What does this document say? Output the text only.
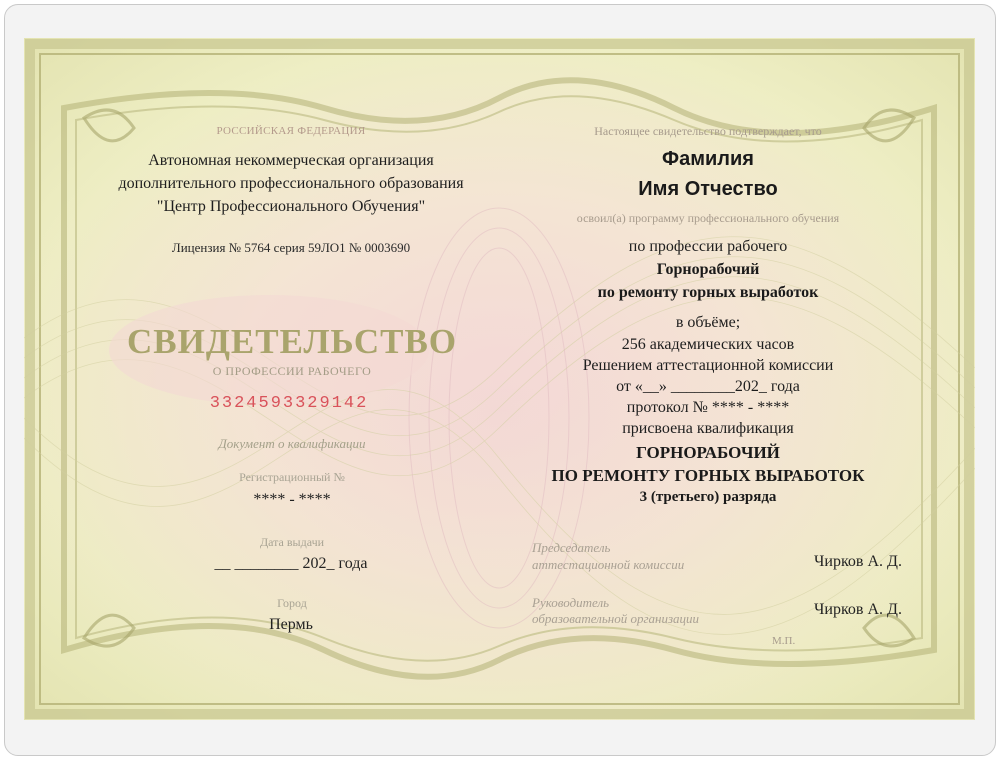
РОССИЙСКАЯ ФЕДЕРАЦИЯ
Автономная некоммерческая организация
дополнительного профессионального образования
"Центр Профессионального Обучения"
Лицензия № 5764 серия 59ЛО1 № 0003690
СВИДЕТЕЛЬСТВО
О ПРОФЕССИИ РАБОЧЕГО
3324593329142
Документ о квалификации
Регистрационный №
**** - ****
Дата выдачи
__ ________ 202_ года
Город
Пермь
Настоящее свидетельство подтверждает, что
Фамилия
Имя Отчество
освоил(а) программу профессионального обучения
по профессии рабочего
Горнорабочий
по ремонту горных выработок
в объёме;
256 академических часов
Решением аттестационной комиссии
от «__» ________202_ года
протокол № **** - ****
присвоена квалификация
ГОРНОРАБОЧИЙ
ПО РЕМОНТУ ГОРНЫХ ВЫРАБОТОК
3 (третьего) разряда
Председатель
аттестационной комиссии	Чирков А. Д.
Руководитель
образовательной организации
Чирков А. Д.
М.П.
